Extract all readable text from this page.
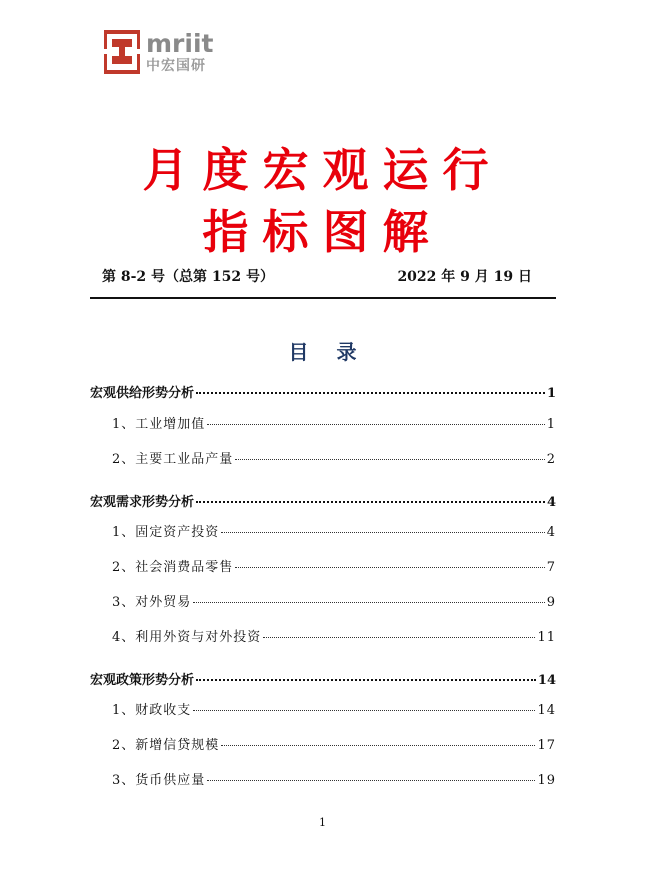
mriit
中宏国研
月度宏观运行
指标图解
第 8-2 号（总第 152 号）	2022 年 9 月 19 日
目录
宏观供给形势分析	1
1、工业增加值	1
2、主要工业品产量	2
宏观需求形势分析	4
1、固定资产投资	4
2、社会消费品零售	7
3、对外贸易	9
4、利用外资与对外投资	11
宏观政策形势分析	14
1、财政收支	14
2、新增信贷规模	17
3、货币供应量	19
1
